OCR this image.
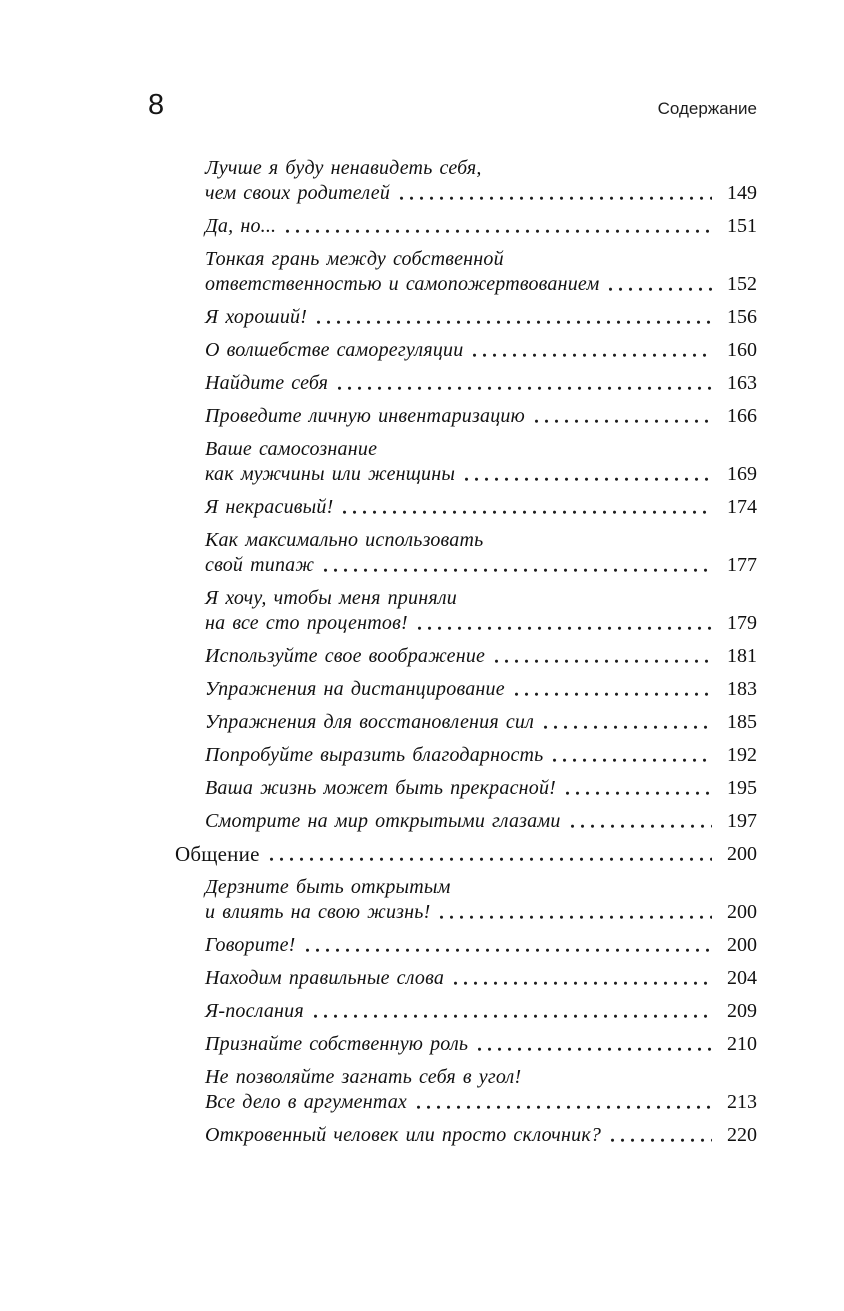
8	Содержание
Лучше я буду ненавидеть себя,
чем своих родителей	149
Да, но...	151
Тонкая грань между собственной
ответственностью и самопожертвованием	152
Я хороший!	156
О волшебстве саморегуляции	160
Найдите себя	163
Проведите личную инвентаризацию	166
Ваше самосознание
как мужчины или женщины	169
Я некрасивый!	174
Как максимально использовать
свой типаж	177
Я хочу, чтобы меня приняли
на все сто процентов!	179
Используйте свое воображение	181
Упражнения на дистанцирование	183
Упражнения для восстановления сил	185
Попробуйте выразить благодарность	192
Ваша жизнь может быть прекрасной!	195
Смотрите на мир открытыми глазами	197
Общение	200
Дерзните быть открытым
и влиять на свою жизнь!	200
Говорите!	200
Находим правильные слова	204
Я-послания	209
Признайте собственную роль	210
Не позволяйте загнать себя в угол!
Все дело в аргументах	213
Откровенный человек или просто склочник?	220
